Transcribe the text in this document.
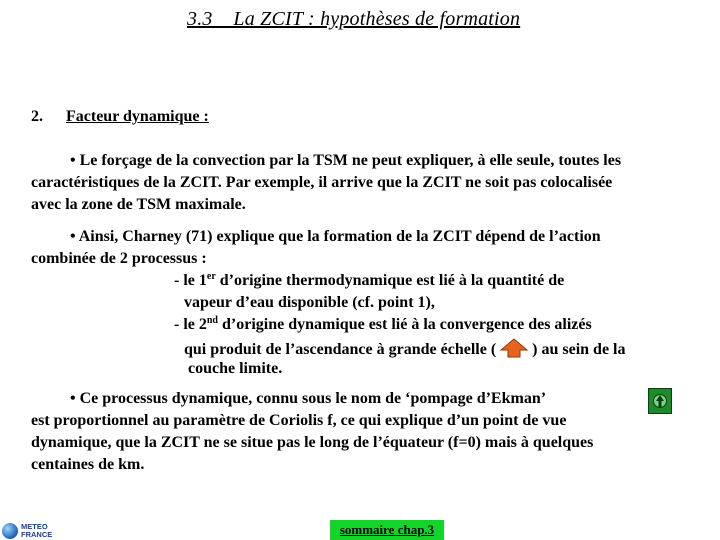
3.3    La ZCIT : hypothèses de formation
2. Facteur dynamique :
• Le forçage de la convection par la TSM ne peut expliquer, à elle seule, toutes les
caractéristiques de la ZCIT. Par exemple, il arrive que la ZCIT ne soit pas colocalisée
avec la zone de TSM maximale.
• Ainsi, Charney (71) explique que la formation de la ZCIT dépend de l’action
combinée de 2 processus :
- le 1er d’origine thermodynamique est lié à la quantité de
vapeur d’eau disponible (cf. point 1),
- le 2nd d’origine dynamique est lié à la convergence des alizés
qui produit de l’ascendance à grande échelle ( ) au sein de la
couche limite.
• Ce processus dynamique, connu sous le nom de ‘pompage d’Ekman’
est proportionnel au paramètre de Coriolis f, ce qui explique d’un point de vue
dynamique, que la ZCIT ne se situe pas le long de l’équateur (f=0) mais à quelques
centaines de km.
METEO
FRANCE	sommaire chap.3
